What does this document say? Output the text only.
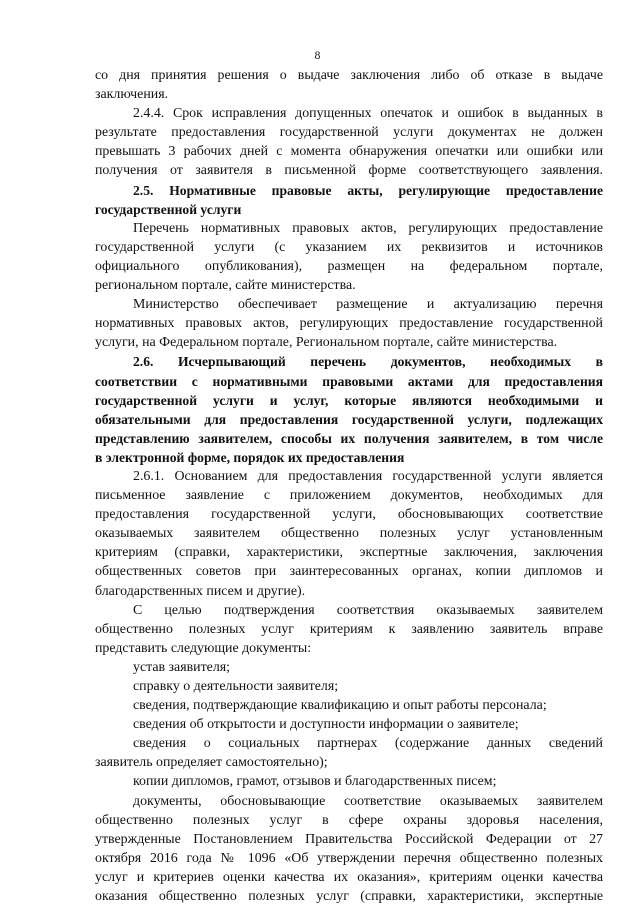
8
со дня принятия решения о выдаче заключения либо об отказе в выдаче
заключения.
2.4.4. Срок исправления допущенных опечаток и ошибок в выданных в
результате предоставления государственной услуги документах не должен
превышать 3 рабочих дней с момента обнаружения опечатки или ошибки или
получения от заявителя в письменной форме соответствующего заявления.
2.5. Нормативные правовые акты, регулирующие предоставление
государственной услуги
Перечень нормативных правовых актов, регулирующих предоставление
государственной услуги (с указанием их реквизитов и источников
официального опубликования), размещен на федеральном портале,
региональном портале, сайте министерства.
Министерство обеспечивает размещение и актуализацию перечня
нормативных правовых актов, регулирующих предоставление государственной
услуги, на Федеральном портале, Региональном портале, сайте министерства.
2.6. Исчерпывающий перечень документов, необходимых в
соответствии с нормативными правовыми актами для предоставления
государственной услуги и услуг, которые являются необходимыми и
обязательными для предоставления государственной услуги, подлежащих
представлению заявителем, способы их получения заявителем, в том числе
в электронной форме, порядок их предоставления
2.6.1. Основанием для предоставления государственной услуги является
письменное заявление с приложением документов, необходимых для
предоставления государственной услуги, обосновывающих соответствие
оказываемых заявителем общественно полезных услуг установленным
критериям (справки, характеристики, экспертные заключения, заключения
общественных советов при заинтересованных органах, копии дипломов и
благодарственных писем и другие).
С целью подтверждения соответствия оказываемых заявителем
общественно полезных услуг критериям к заявлению заявитель вправе
представить следующие документы:
устав заявителя;
справку о деятельности заявителя;
сведения, подтверждающие квалификацию и опыт работы персонала;
сведения об открытости и доступности информации о заявителе;
сведения о социальных партнерах (содержание данных сведений
заявитель определяет самостоятельно);
копии дипломов, грамот, отзывов и благодарственных писем;
документы, обосновывающие соответствие оказываемых заявителем
общественно полезных услуг в сфере охраны здоровья населения,
утвержденные Постановлением Правительства Российской Федерации от 27
октября 2016 года № 1096 «Об утверждении перечня общественно полезных
услуг и критериев оценки качества их оказания», критериям оценки качества
оказания общественно полезных услуг (справки, характеристики, экспертные
